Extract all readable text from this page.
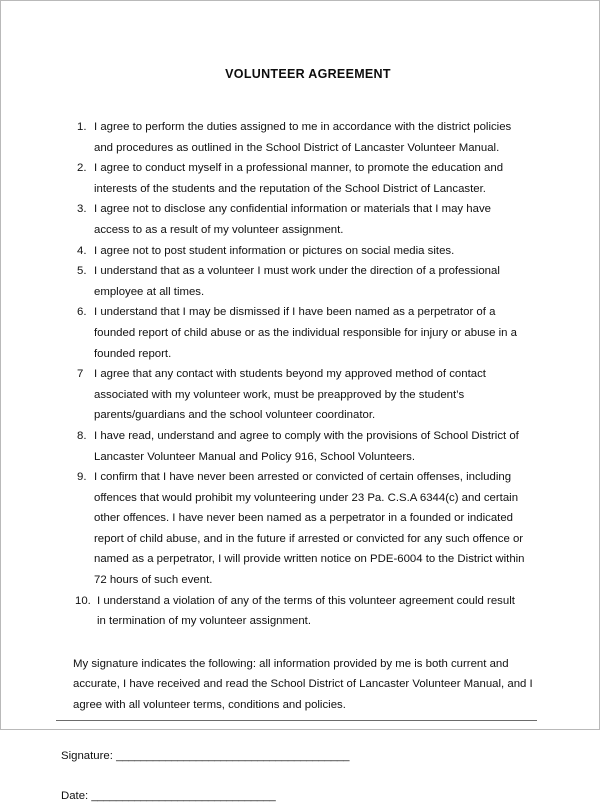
VOLUNTEER AGREEMENT
1. I agree to perform the duties assigned to me in accordance with the district policies and procedures as outlined in the School District of Lancaster Volunteer Manual.
2. I agree to conduct myself in a professional manner, to promote the education and interests of the students and the reputation of the School District of Lancaster.
3. I agree not to disclose any confidential information or materials that I may have access to as a result of my volunteer assignment.
4. I agree not to post student information or pictures on social media sites.
5. I understand that as a volunteer I must work under the direction of a professional employee at all times.
6. I understand that I may be dismissed if I have been named as a perpetrator of a founded report of child abuse or as the individual responsible for injury or abuse in a founded report.
7 I agree that any contact with students beyond my approved method of contact associated with my volunteer work, must be preapproved by the student’s parents/guardians and the school volunteer coordinator.
8. I have read, understand and agree to comply with the provisions of School District of Lancaster Volunteer Manual and Policy 916, School Volunteers.
9. I confirm that I have never been arrested or convicted of certain offenses, including offences that would prohibit my volunteering under 23 Pa. C.S.A 6344(c) and certain other offences. I have never been named as a perpetrator in a founded or indicated report of child abuse, and in the future if arrested or convicted for any such offence or named as a perpetrator, I will provide written notice on PDE-6004 to the District within 72 hours of such event.
10. I understand a violation of any of the terms of this volunteer agreement could result in termination of my volunteer assignment.

My signature indicates the following: all information provided by me is both current and accurate, I have received and read the School District of Lancaster Volunteer Manual, and I agree with all volunteer terms, conditions and policies.

Signature: ______________________________________
Date: ______________________________
